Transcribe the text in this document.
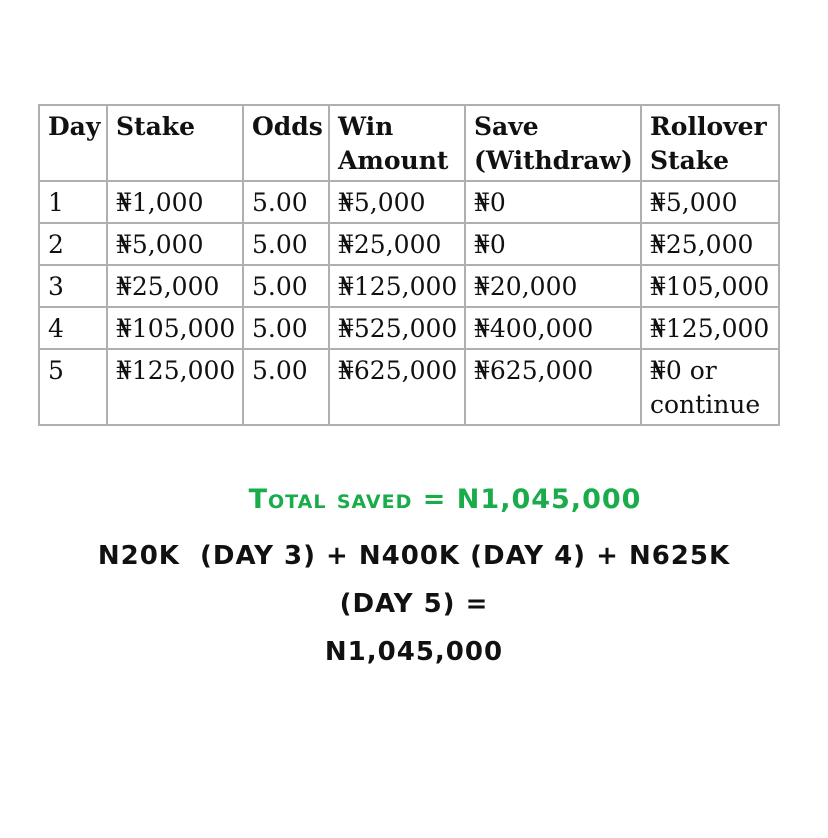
Day	Stake	Odds	Win Amount	Save (Withdraw)	Rollover Stake
1	₦1,000	5.00	₦5,000	₦0	₦5,000
2	₦5,000	5.00	₦25,000	₦0	₦25,000
3	₦25,000	5.00	₦125,000	₦20,000	₦105,000
4	₦105,000	5.00	₦525,000	₦400,000	₦125,000
5	₦125,000	5.00	₦625,000	₦625,000	₦0 or continue
Total saved = N1,045,000
N20K  (DAY 3) + N400K (DAY 4) + N625K
(DAY 5) =
N1,045,000
